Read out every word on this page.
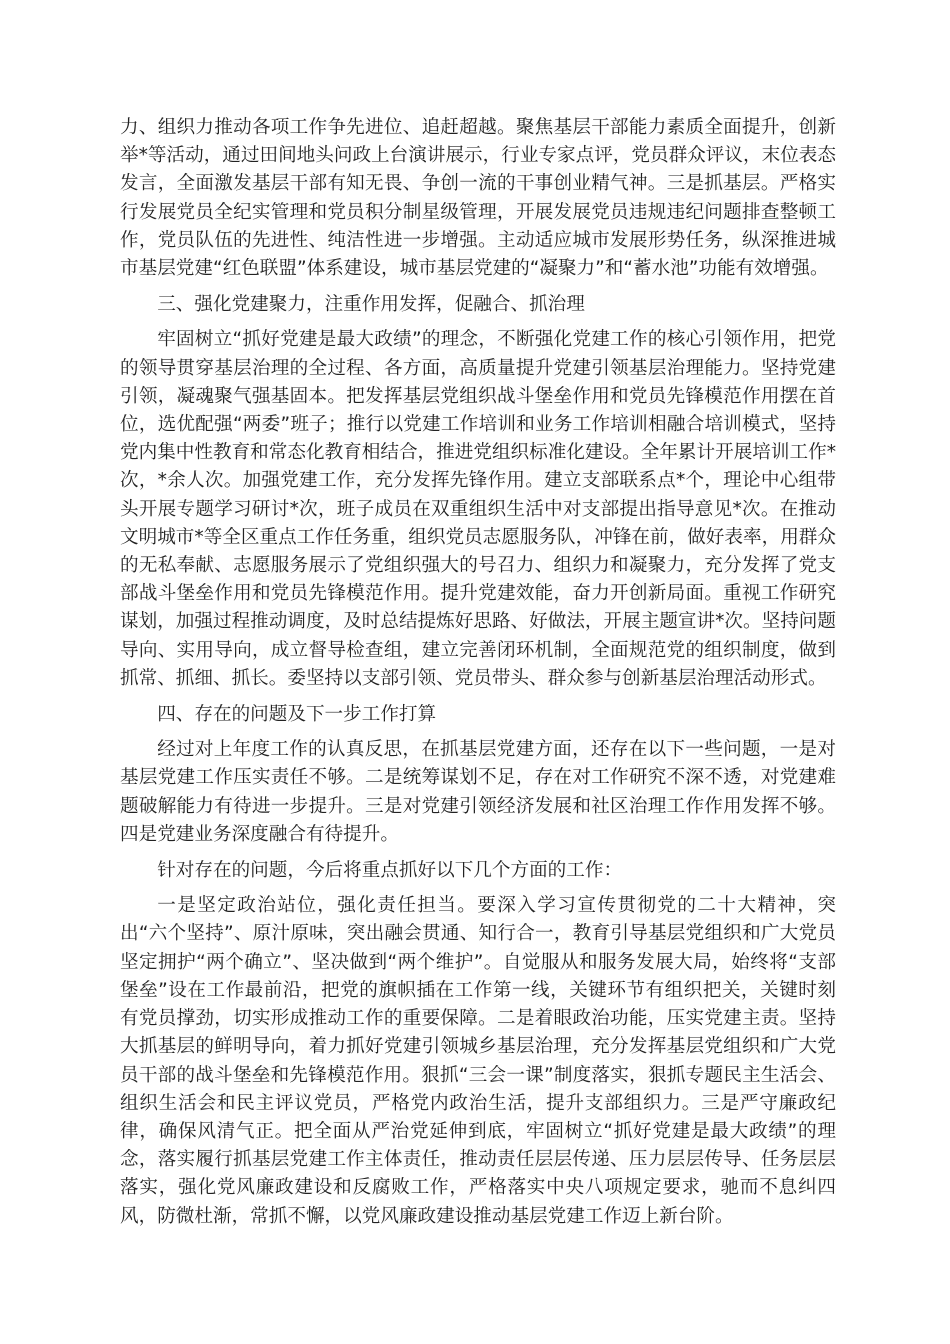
力、组织力推动各项工作争先进位、追赶超越。聚焦基层干部能力素质全面提升，创新举*等活动，通过田间地头问政上台演讲展示，行业专家点评，党员群众评议，末位表态发言，全面激发基层干部有知无畏、争创一流的干事创业精气神。三是抓基层。严格实行发展党员全纪实管理和党员积分制星级管理，开展发展党员违规违纪问题排查整顿工作，党员队伍的先进性、纯洁性进一步增强。主动适应城市发展形势任务，纵深推进城市基层党建“红色联盟”体系建设，城市基层党建的“凝聚力”和“蓄水池”功能有效增强。

三、强化党建聚力，注重作用发挥，促融合、抓治理

牢固树立“抓好党建是最大政绩”的理念，不断强化党建工作的核心引领作用，把党的领导贯穿基层治理的全过程、各方面，高质量提升党建引领基层治理能力。坚持党建引领，凝魂聚气强基固本。把发挥基层党组织战斗堡垒作用和党员先锋模范作用摆在首位，选优配强“两委”班子；推行以党建工作培训和业务工作培训相融合培训模式，坚持党内集中性教育和常态化教育相结合，推进党组织标准化建设。全年累计开展培训工作*次，*余人次。加强党建工作，充分发挥先锋作用。建立支部联系点*个，理论中心组带头开展专题学习研讨*次，班子成员在双重组织生活中对支部提出指导意见*次。在推动文明城市*等全区重点工作任务重，组织党员志愿服务队，冲锋在前，做好表率，用群众的无私奉献、志愿服务展示了党组织强大的号召力、组织力和凝聚力，充分发挥了党支部战斗堡垒作用和党员先锋模范作用。提升党建效能，奋力开创新局面。重视工作研究谋划，加强过程推动调度，及时总结提炼好思路、好做法，开展主题宣讲*次。坚持问题导向、实用导向，成立督导检查组，建立完善闭环机制，全面规范党的组织制度，做到抓常、抓细、抓长。委坚持以支部引领、党员带头、群众参与创新基层治理活动形式。

四、存在的问题及下一步工作打算

经过对上年度工作的认真反思，在抓基层党建方面，还存在以下一些问题，一是对基层党建工作压实责任不够。二是统筹谋划不足，存在对工作研究不深不透，对党建难题破解能力有待进一步提升。三是对党建引领经济发展和社区治理工作作用发挥不够。四是党建业务深度融合有待提升。

针对存在的问题，今后将重点抓好以下几个方面的工作：

一是坚定政治站位，强化责任担当。要深入学习宣传贯彻党的二十大精神，突出“六个坚持”、原汁原味，突出融会贯通、知行合一，教育引导基层党组织和广大党员坚定拥护“两个确立”、坚决做到“两个维护”。自觉服从和服务发展大局，始终将“支部堡垒”设在工作最前沿，把党的旗帜插在工作第一线，关键环节有组织把关，关键时刻有党员撑劲，切实形成推动工作的重要保障。二是着眼政治功能，压实党建主责。坚持大抓基层的鲜明导向，着力抓好党建引领城乡基层治理，充分发挥基层党组织和广大党员干部的战斗堡垒和先锋模范作用。狠抓“三会一课”制度落实，狠抓专题民主生活会、组织生活会和民主评议党员，严格党内政治生活，提升支部组织力。三是严守廉政纪律，确保风清气正。把全面从严治党延伸到底，牢固树立“抓好党建是最大政绩”的理念，落实履行抓基层党建工作主体责任，推动责任层层传递、压力层层传导、任务层层落实，强化党风廉政建设和反腐败工作，严格落实中央八项规定要求，驰而不息纠四风，防微杜渐，常抓不懈，以党风廉政建设推动基层党建工作迈上新台阶。
